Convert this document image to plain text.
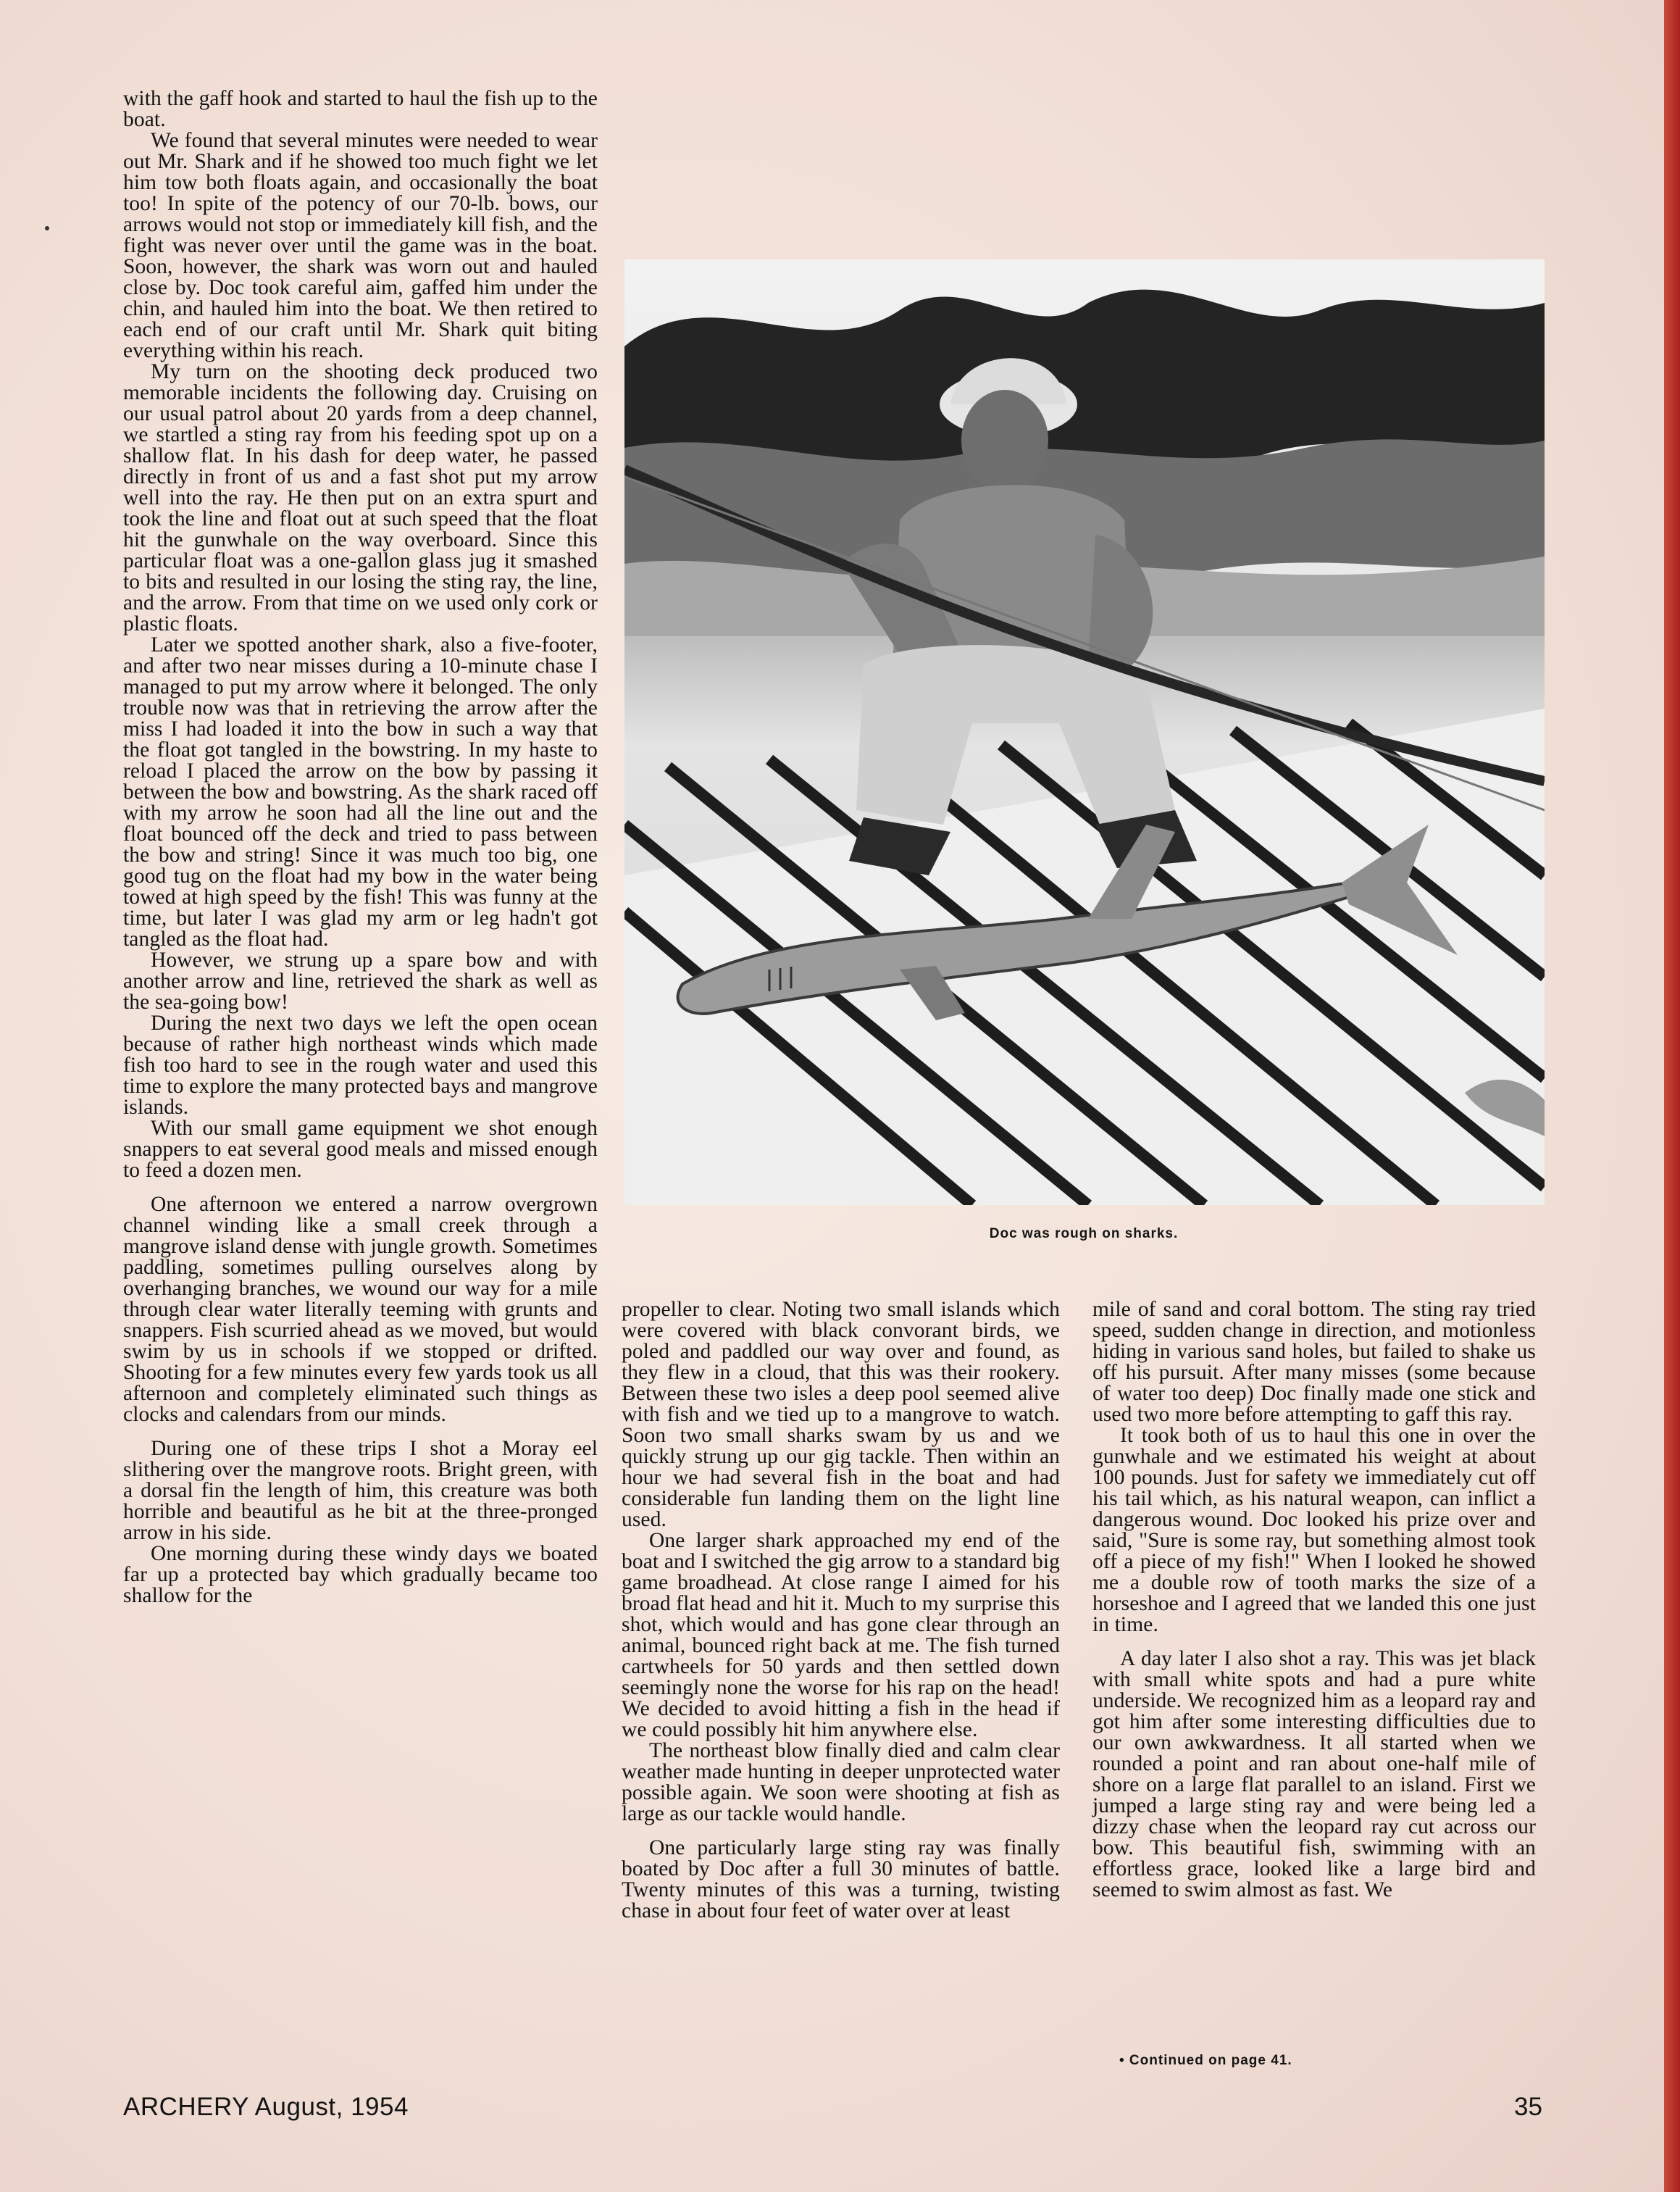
with the gaff hook and started to haul the fish up to the boat.

We found that several minutes were needed to wear out Mr. Shark and if he showed too much fight we let him tow both floats again, and occasionally the boat too! In spite of the potency of our 70-lb. bows, our arrows would not stop or immediately kill fish, and the fight was never over until the game was in the boat. Soon, however, the shark was worn out and hauled close by. Doc took careful aim, gaffed him under the chin, and hauled him into the boat. We then retired to each end of our craft until Mr. Shark quit biting everything within his reach.

My turn on the shooting deck produced two memorable incidents the following day. Cruising on our usual patrol about 20 yards from a deep channel, we startled a sting ray from his feeding spot up on a shallow flat. In his dash for deep water, he passed directly in front of us and a fast shot put my arrow well into the ray. He then put on an extra spurt and took the line and float out at such speed that the float hit the gunwhale on the way overboard. Since this particular float was a one-gallon glass jug it smashed to bits and resulted in our losing the sting ray, the line, and the arrow. From that time on we used only cork or plastic floats.

Later we spotted another shark, also a five-footer, and after two near misses during a 10-minute chase I managed to put my arrow where it belonged. The only trouble now was that in retrieving the arrow after the miss I had loaded it into the bow in such a way that the float got tangled in the bowstring. In my haste to reload I placed the arrow on the bow by passing it between the bow and bowstring. As the shark raced off with my arrow he soon had all the line out and the float bounced off the deck and tried to pass between the bow and string! Since it was much too big, one good tug on the float had my bow in the water being towed at high speed by the fish! This was funny at the time, but later I was glad my arm or leg hadn't got tangled as the float had.

However, we strung up a spare bow and with another arrow and line, retrieved the shark as well as the sea-going bow!

During the next two days we left the open ocean because of rather high northeast winds which made fish too hard to see in the rough water and used this time to explore the many protected bays and mangrove islands.

With our small game equipment we shot enough snappers to eat several good meals and missed enough to feed a dozen men.

One afternoon we entered a narrow overgrown channel winding like a small creek through a mangrove island dense with jungle growth. Sometimes paddling, sometimes pulling ourselves along by overhanging branches, we wound our way for a mile through clear water literally teeming with grunts and snappers. Fish scurried ahead as we moved, but would swim by us in schools if we stopped or drifted. Shooting for a few minutes every few yards took us all afternoon and completely eliminated such things as clocks and calendars from our minds.

During one of these trips I shot a Moray eel slithering over the mangrove roots. Bright green, with a dorsal fin the length of him, this creature was both horrible and beautiful as he bit at the three-pronged arrow in his side.

One morning during these windy days we boated far up a protected bay which gradually became too shallow for the

Doc was rough on sharks.

propeller to clear. Noting two small islands which were covered with black convorant birds, we poled and paddled our way over and found, as they flew in a cloud, that this was their rookery. Between these two isles a deep pool seemed alive with fish and we tied up to a mangrove to watch. Soon two small sharks swam by us and we quickly strung up our gig tackle. Then within an hour we had several fish in the boat and had considerable fun landing them on the light line used.

One larger shark approached my end of the boat and I switched the gig arrow to a standard big game broadhead. At close range I aimed for his broad flat head and hit it. Much to my surprise this shot, which would and has gone clear through an animal, bounced right back at me. The fish turned cartwheels for 50 yards and then settled down seemingly none the worse for his rap on the head! We decided to avoid hitting a fish in the head if we could possibly hit him anywhere else.

The northeast blow finally died and calm clear weather made hunting in deeper unprotected water possible again. We soon were shooting at fish as large as our tackle would handle.

One particularly large sting ray was finally boated by Doc after a full 30 minutes of battle. Twenty minutes of this was a turning, twisting chase in about four feet of water over at least

mile of sand and coral bottom. The sting ray tried speed, sudden change in direction, and motionless hiding in various sand holes, but failed to shake us off his pursuit. After many misses (some because of water too deep) Doc finally made one stick and used two more before attempting to gaff this ray.

It took both of us to haul this one in over the gunwhale and we estimated his weight at about 100 pounds. Just for safety we immediately cut off his tail which, as his natural weapon, can inflict a dangerous wound. Doc looked his prize over and said, "Sure is some ray, but something almost took off a piece of my fish!" When I looked he showed me a double row of tooth marks the size of a horseshoe and I agreed that we landed this one just in time.

A day later I also shot a ray. This was jet black with small white spots and had a pure white underside. We recognized him as a leopard ray and got him after some interesting difficulties due to our own awkwardness. It all started when we rounded a point and ran about one-half mile of shore on a large flat parallel to an island. First we jumped a large sting ray and were being led a dizzy chase when the leopard ray cut across our bow. This beautiful fish, swimming with an effortless grace, looked like a large bird and seemed to swim almost as fast. We

• Continued on page 41.
ARCHERY August, 1954	35
